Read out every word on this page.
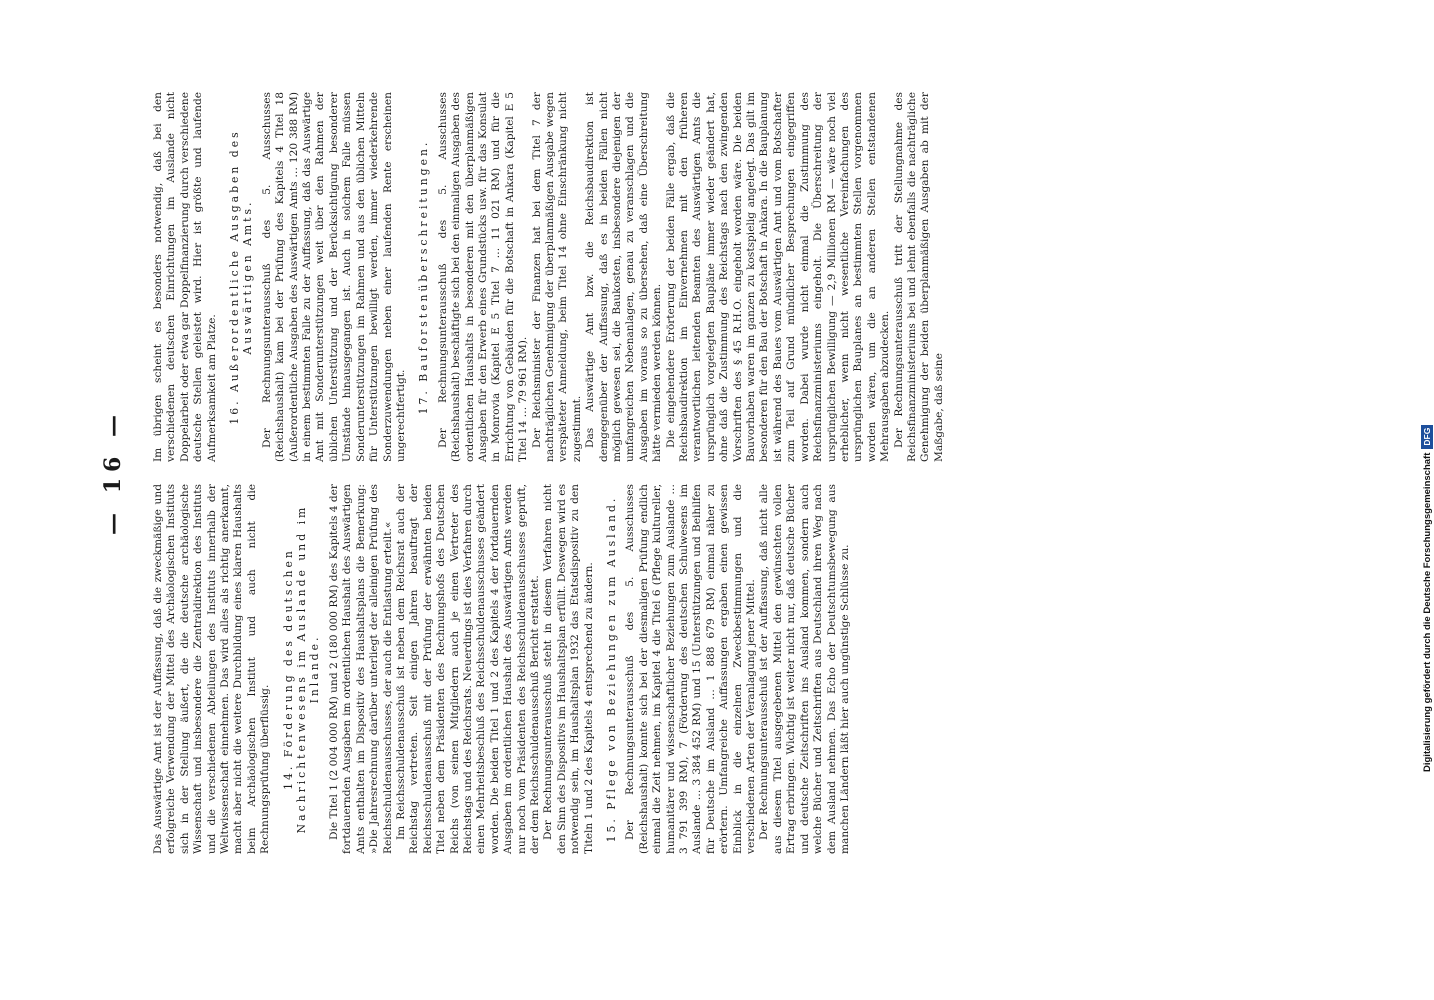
— 16 —

Das Auswärtige Amt ist der Auffassung, daß die zweckmäßige und erfolgreiche Verwendung der Mittel des Archäologischen Instituts sich in der Stellung äußert, die die deutsche archäologische Wissenschaft und insbesondere die Zentraldirektion des Instituts und die verschiedenen Abteilungen des Instituts innerhalb der Weltwissenschaft einnehmen. Das wird alles als richtig anerkannt, macht aber nicht die weitere Durchbildung eines klaren Haushalts beim Archäologischen Institut und auch nicht die Rechnungsprüfung überflüssig. 14. Förderung des deutschen Nachrichtenwesens im Auslande und im Inlande. Die Titel 1 (2 004 000 RM) und 2 (180 000 RM) des Kapitels 4 der fortdauernden Ausgaben im ordentlichen Haushalt des Auswärtigen Amts enthalten im Dispositiv des Haushaltsplans die Bemerkung: »Die Jahresrechnung darüber unterliegt der alleinigen Prüfung des Reichsschuldenausschusses, der auch die Entlastung erteilt.« Im Reichsschuldenausschuß ist neben dem Reichsrat auch der Reichstag vertreten. Seit einigen Jahren beauftragt der Reichsschuldenausschuß mit der Prüfung der erwähnten beiden Titel neben dem Präsidenten des Rechnungshofs des Deutschen Reichs (von seinen Mitgliedern auch je einen Vertreter des Reichstags und des Reichsrats. Neuerdings ist dies Verfahren durch einen Mehrheitsbeschluß des Reichsschuldenausschusses geändert worden. Die beiden Titel 1 und 2 des Kapitels 4 der fortdauernden Ausgaben im ordentlichen Haushalt des Auswärtigen Amts werden nur noch vom Präsidenten des Reichsschuldenausschusses geprüft, der dem Reichsschuldenausschuß Bericht erstattet. Der Rechnungsunterausschuß steht in diesem Verfahren nicht den Sinn des Dispositivs im Haushaltsplan erfüllt. Deswegen wird es notwendig sein, im Haushaltsplan 1932 das Etatsdispositiv zu den Titeln 1 und 2 des Kapitels 4 entsprechend zu ändern. 15. Pflege von Beziehungen zum Ausland. Der Rechnungsunterausschuß des 5. Ausschusses (Reichshaushalt) konnte sich bei der diesmaligen Prüfung endlich einmal die Zeit nehmen, im Kapitel 4 die Titel 6 (Pflege kultureller, humanitärer und wissenschaftlicher Beziehungen zum Auslande … 3 791 399 RM), 7 (Förderung des deutschen Schulwesens im Auslande … 3 384 452 RM) und 15 (Unterstützungen und Beihilfen für Deutsche im Ausland … 1 888 679 RM) einmal näher zu erörtern. Umfangreiche Auffassungen ergaben einen gewissen Einblick in die einzelnen Zweckbestimmungen und die verschiedenen Arten der Veranlagung jener Mittel. Der Rechnungsunterausschuß ist der Auffassung, daß nicht alle aus diesem Titel ausgegebenen Mittel den gewünschten vollen Ertrag erbringen. Wichtig ist weiter nicht nur, daß deutsche Bücher und deutsche Zeitschriften ins Ausland kommen, sondern auch welche Bücher und Zeitschriften aus Deutschland ihren Weg nach dem Ausland nehmen. Das Echo der Deutschtumsbewegung aus manchen Ländern läßt hier auch ungünstige Schlüsse zu.

Im übrigen scheint es besonders notwendig, daß bei den verschiedenen deutschen Einrichtungen im Auslande nicht Doppelarbeit oder etwa gar Doppelfinanzierung durch verschiedene deutsche Stellen geleistet wird. Hier ist größte und laufende Aufmerksamkeit am Platze. 16. Außerordentliche Ausgaben des Auswärtigen Amts. Der Rechnungsunterausschuß des 5. Ausschusses (Reichshaushalt) kam bei der Prüfung des Kapitels 4 Titel 18 (Außerordentliche Ausgaben des Auswärtigen Amts … 120 388 RM) in einem bestimmten Falle zu der Auffassung, daß das Auswärtige Amt mit Sonderunterstützungen weit über den Rahmen der üblichen Unterstützung und der Berücksichtigung besonderer Umstände hinausgegangen ist. Auch in solchem Falle müssen Sonderunterstützungen im Rahmen und aus den üblichen Mitteln für Unterstützungen bewilligt werden, immer wiederkehrende Sonderzuwendungen neben einer laufenden Rente erscheinen ungerechtfertigt.

17. Bauforstenüberschreitungen. Der Rechnungsunterausschuß des 5. Ausschusses (Reichshaushalt) beschäftigte sich bei den einmaligen Ausgaben des ordentlichen Haushalts in besonderen mit den überplanmäßigen Ausgaben für den Erwerb eines Grundstücks usw. für das Konsulat in Monrovia (Kapitel E 5 Titel 7 … 11 021 RM) und für die Errichtung von Gebäuden für die Botschaft in Ankara (Kapitel E 5 Titel 14 … 79 961 RM). Der Reichsminister der Finanzen hat bei dem Titel 7 der nachträglichen Genehmigung der überplanmäßigen Ausgabe wegen verspäteter Anmeldung, beim Titel 14 ohne Einschränkung nicht zugestimmt. Das Auswärtige Amt bzw. die Reichsbaudirektion ist demgegenüber der Auffassung, daß es in beiden Fällen nicht möglich gewesen sei, die Baukosten, insbesondere diejenigen der umfangreichen Nebenanlagen, genau zu veranschlagen und die Ausgaben im voraus so zu übersehen, daß eine Überschreitung hätte vermieden werden können. Die eingehendere Erörterung der beiden Fälle ergab, daß die Reichsbaudirektion im Einvernehmen mit den früheren verantwortlichen leitenden Beamten des Auswärtigen Amts die ursprünglich vorgelegten Baupläne immer wieder geändert hat, ohne daß die Zustimmung des Reichstags nach den zwingenden Vorschriften des § 45 R.H.O. eingeholt worden wäre. Die beiden Bauvorhaben waren im ganzen zu kostspielig angelegt. Das gilt im besonderen für den Bau der Botschaft in Ankara. In die Bauplanung ist während des Baues vom Auswärtigen Amt und vom Botschafter zum Teil auf Grund mündlicher Besprechungen eingegriffen worden. Dabei wurde nicht einmal die Zustimmung des Reichsfinanzministeriums eingeholt. Die Überschreitung der ursprünglichen Bewilligung — 2,9 Millionen RM — wäre noch viel erheblicher, wenn nicht wesentliche Vereinfachungen des ursprünglichen Bauplanes an bestimmten Stellen vorgenommen worden wären, um die an anderen Stellen entstandenen Mehrausgaben abzudecken. Der Rechnungsunterausschuß tritt der Stellungnahme des Reichsfinanzministeriums bei und lehnt ebenfalls die nachträgliche Genehmigung der beiden überplanmäßigen Ausgaben ab mit der Maßgabe, daß seine

Digitalisierung gefördert durch die Deutsche Forschungsgemeinschaft
DFG
